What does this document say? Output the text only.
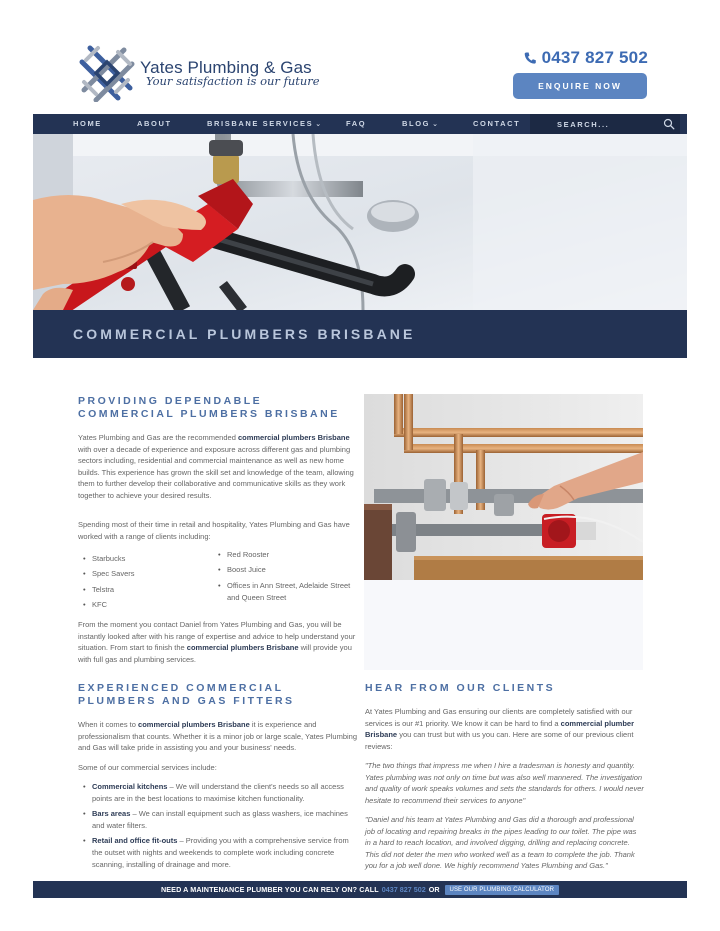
Yates Plumbing & Gas
Your satisfaction is our future
0437 827 502
ENQUIRE NOW
HOME	ABOUT	BRISBANE SERVICES ⌄	FAQ	BLOG ⌄	CONTACT
SEARCH...
COMMERCIAL PLUMBERS BRISBANE
PROVIDING DEPENDABLE COMMERCIAL PLUMBERS BRISBANE

Yates Plumbing and Gas are the recommended commercial plumbers Brisbane with over a decade of experience and exposure across different gas and plumbing sectors including, residential and commercial maintenance as well as new home builds. This experience has grown the skill set and knowledge of the team, allowing them to further develop their collaborative and communicative skills as they work together to achieve your desired results.

Spending most of their time in retail and hospitality, Yates Plumbing and Gas have worked with a range of clients including:

• Starbucks
• Spec Savers
• Telstra
• KFC
• Red Rooster
• Boost Juice
• Offices in Ann Street, Adelaide Street and Queen Street

From the moment you contact Daniel from Yates Plumbing and Gas, you will be instantly looked after with his range of expertise and advice to help understand your situation. From start to finish the commercial plumbers Brisbane will provide you with full gas and plumbing services.

EXPERIENCED COMMERCIAL PLUMBERS AND GAS FITTERS

When it comes to commercial plumbers Brisbane it is experience and professionalism that counts. Whether it is a minor job or large scale, Yates Plumbing and Gas will take pride in assisting you and your business' needs.

Some of our commercial services include:

• Commercial kitchens – We will understand the client's needs so all access points are in the best locations to maximise kitchen functionality.
• Bars areas – We can install equipment such as glass washers, ice machines and water filters.
• Retail and office fit-outs – Providing you with a comprehensive service from the outset with nights and weekends to complete work including concrete scanning, installing of drainage and more.
HEAR FROM OUR CLIENTS

At Yates Plumbing and Gas ensuring our clients are completely satisfied with our services is our #1 priority. We know it can be hard to find a commercial plumber Brisbane you can trust but with us you can. Here are some of our previous client reviews:

"The two things that impress me when I hire a tradesman is honesty and quantity. Yates plumbing was not only on time but was also well mannered. The investigation and quality of work speaks volumes and sets the standards for others. I would never hesitate to recommend their services to anyone"

"Daniel and his team at Yates Plumbing and Gas did a thorough and professional job of locating and repairing breaks in the pipes leading to our toilet. The pipe was in a hard to reach location, and involved digging, drilling and replacing concrete. This did not deter the men who worked well as a team to complete the job. Thank you for a job well done. We highly recommend Yates Plumbing and Gas."

NEED A MAINTENANCE PLUMBER YOU CAN RELY ON? CALL 0437 827 502 OR	USE OUR PLUMBING CALCULATOR
